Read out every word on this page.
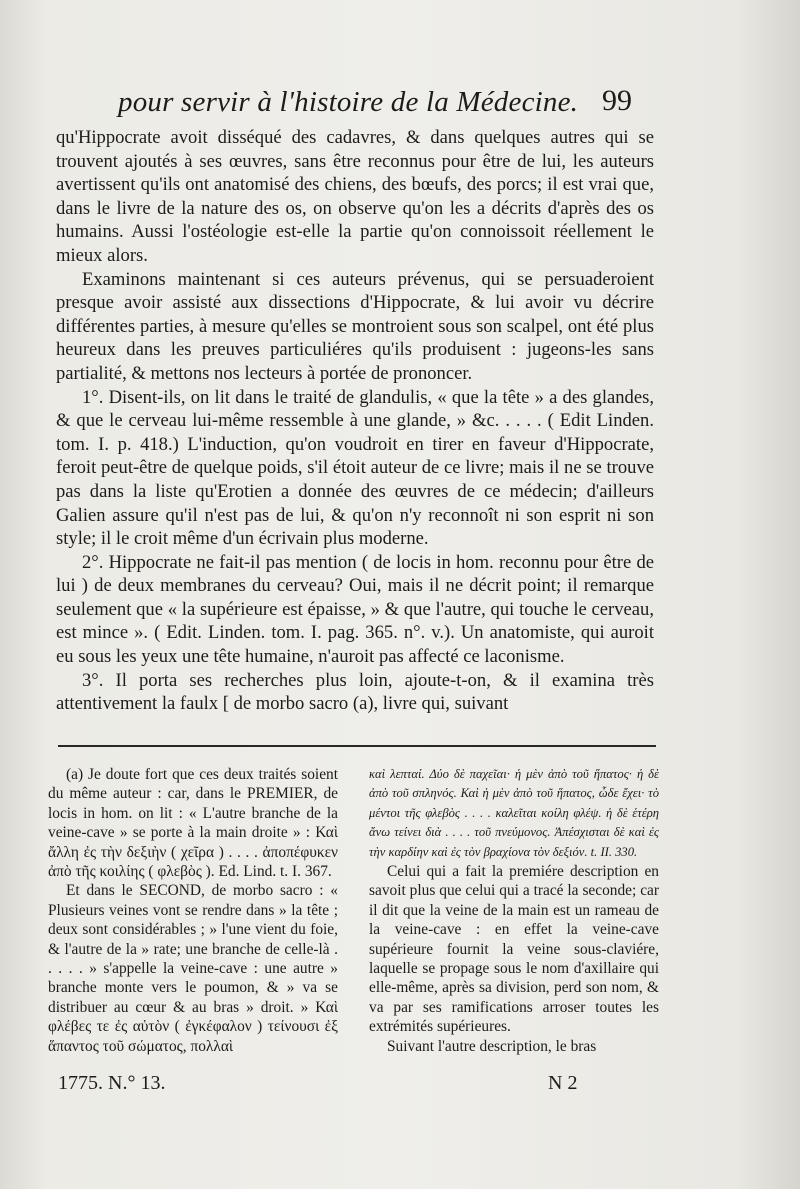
pour servir à l'histoire de la Médecine. 99

qu'Hippocrate avoit disséqué des cadavres, & dans quelques autres qui se trouvent ajoutés à ses œuvres, sans être reconnus pour être de lui, les auteurs avertissent qu'ils ont anatomisé des chiens, des bœufs, des porcs; il est vrai que, dans le livre de la nature des os, on observe qu'on les a décrits d'après des os humains. Aussi l'ostéologie est-elle la partie qu'on connoissoit réellement le mieux alors.

Examinons maintenant si ces auteurs prévenus, qui se persuaderoient presque avoir assisté aux dissections d'Hippocrate, & lui avoir vu décrire différentes parties, à mesure qu'elles se montroient sous son scalpel, ont été plus heureux dans les preuves particuliéres qu'ils produisent : jugeons-les sans partialité, & mettons nos lecteurs à portée de prononcer.

1°. Disent-ils, on lit dans le traité de glandulis, « que la tête » a des glandes, & que le cerveau lui-même ressemble à une glande, » &c. . . . . ( Edit Linden. tom. I. p. 418.) L'induction, qu'on voudroit en tirer en faveur d'Hippocrate, feroit peut-être de quelque poids, s'il étoit auteur de ce livre; mais il ne se trouve pas dans la liste qu'Erotien a donnée des œuvres de ce médecin; d'ailleurs Galien assure qu'il n'est pas de lui, & qu'on n'y reconnoît ni son esprit ni son style; il le croit même d'un écrivain plus moderne.

2°. Hippocrate ne fait-il pas mention ( de locis in hom. reconnu pour être de lui ) de deux membranes du cerveau? Oui, mais il ne décrit point; il remarque seulement que « la supérieure est épaisse, » & que l'autre, qui touche le cerveau, est mince ». ( Edit. Linden. tom. I. pag. 365. n°. v.). Un anatomiste, qui auroit eu sous les yeux une tête humaine, n'auroit pas affecté ce laconisme.

3°. Il porta ses recherches plus loin, ajoute-t-on, & il examina très attentivement la faulx [ de morbo sacro (a), livre qui, suivant

(a) Je doute fort que ces deux traités soient du même auteur : car, dans le PREMIER, de locis in hom. on lit : « L'autre branche de la veine-cave » se porte à la main droite » : Καὶ ἄλλη ἐς τὴν δεξιὴν ( χεῖρα ) . . . . ἀποπέφυκεν ἀπὸ τῆς κοιλίης ( φλεβὸς ). Ed. Lind. t. I. 367.

Et dans le SECOND, de morbo sacro : « Plusieurs veines vont se rendre dans » la tête ; deux sont considérables ; » l'une vient du foie, & l'autre de la » rate; une branche de celle-là . . . . . » s'appelle la veine-cave : une autre » branche monte vers le poumon, & » va se distribuer au cœur & au bras » droit. » Καὶ φλέβες τε ἐς αὐτὸν ( ἐγκέφαλον ) τείνουσι ἐξ ἅπαντος τοῦ σώματος, πολλαὶ

καὶ λεπταί. Δύο δὲ παχεῖαι· ἡ μὲν ἀπὸ τοῦ ἥπατος· ἡ δὲ ἀπὸ τοῦ σπληνός. Καὶ ἡ μὲν ἀπὸ τοῦ ἥπατος, ὧδε ἔχει· τὸ μέντοι τῆς φλεβὸς . . . . καλεῖται κοίλη φλέψ. ἡ δὲ ἑτέρη ἄνω τείνει διὰ . . . . τοῦ πνεύμονος. Ἀπέσχισται δὲ καὶ ἐς τὴν καρδίην καὶ ἐς τὸν βραχίονα τὸν δεξιόν. t. II. 330.

Celui qui a fait la premiére description en savoit plus que celui qui a tracé la seconde; car il dit que la veine de la main est un rameau de la veine-cave : en effet la veine-cave supérieure fournit la veine sous-claviére, laquelle se propage sous le nom d'axillaire qui elle-même, après sa division, perd son nom, & va par ses ramifications arroser toutes les extrémités supérieures.

Suivant l'autre description, le bras

1775. N.° 13.	N 2
